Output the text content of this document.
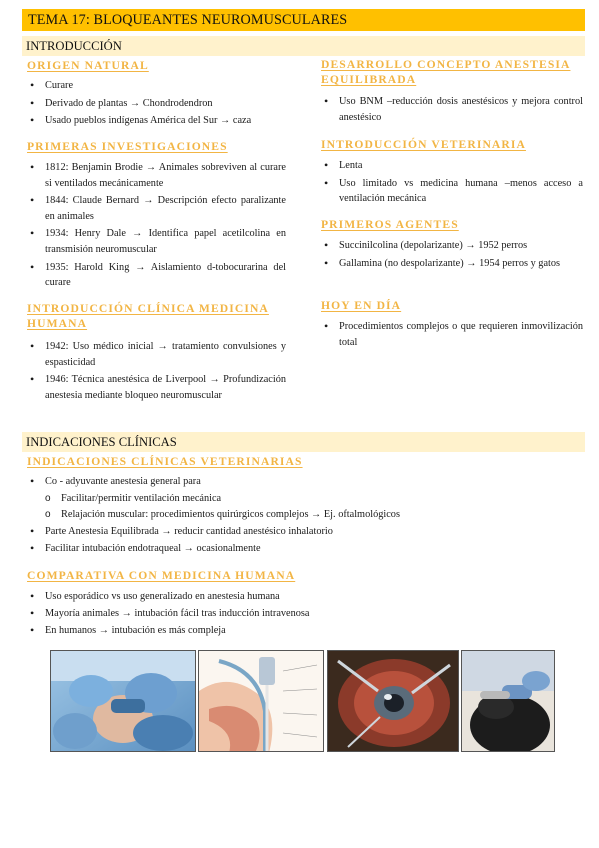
TEMA 17: BLOQUEANTES NEUROMUSCULARES
INTRODUCCIÓN
ORIGEN NATURAL
• Curare
• Derivado de plantas → Chondrodendron
• Usado pueblos indígenas América del Sur → caza
PRIMERAS INVESTIGACIONES
• 1812: Benjamin Brodie → Animales sobreviven al curare si ventilados mecánicamente
• 1844: Claude Bernard → Descripción efecto paralizante en animales
• 1934: Henry Dale → Identifica papel acetilcolina en transmisión neuromuscular
• 1935: Harold King → Aislamiento d-tobocurarina del curare
INTRODUCCIÓN CLÍNICA MEDICINA HUMANA
• 1942: Uso médico inicial → tratamiento convulsiones y espasticidad
• 1946: Técnica anestésica de Liverpool → Profundización anestesia mediante bloqueo neuromuscular
DESARROLLO CONCEPTO ANESTESIA EQUILIBRADA
• Uso BNM –reducción dosis anestésicos y mejora control anestésico
INTRODUCCIÓN VETERINARIA
• Lenta
• Uso limitado vs medicina humana –menos acceso a ventilación mecánica
PRIMEROS AGENTES
• Succinilcolina (depolarizante) → 1952 perros
• Gallamina (no despolarizante) → 1954 perros y gatos
HOY EN DÍA
• Procedimientos complejos o que requieren inmovilización total
INDICACIONES CLÍNICAS
INDICACIONES CLÍNICAS VETERINARIAS
• Co - adyuvante anestesia general para
o Facilitar/permitir ventilación mecánica
o Relajación muscular: procedimientos quirúrgicos complejos → Ej. oftalmológicos
• Parte Anestesia Equilibrada → reducir cantidad anestésico inhalatorio
• Facilitar intubación endotraqueal → ocasionalmente
COMPARATIVA CON MEDICINA HUMANA
• Uso esporádico vs uso generalizado en anestesia humana
• Mayoría animales → intubación fácil tras inducción intravenosa
• En humanos → intubación es más compleja
